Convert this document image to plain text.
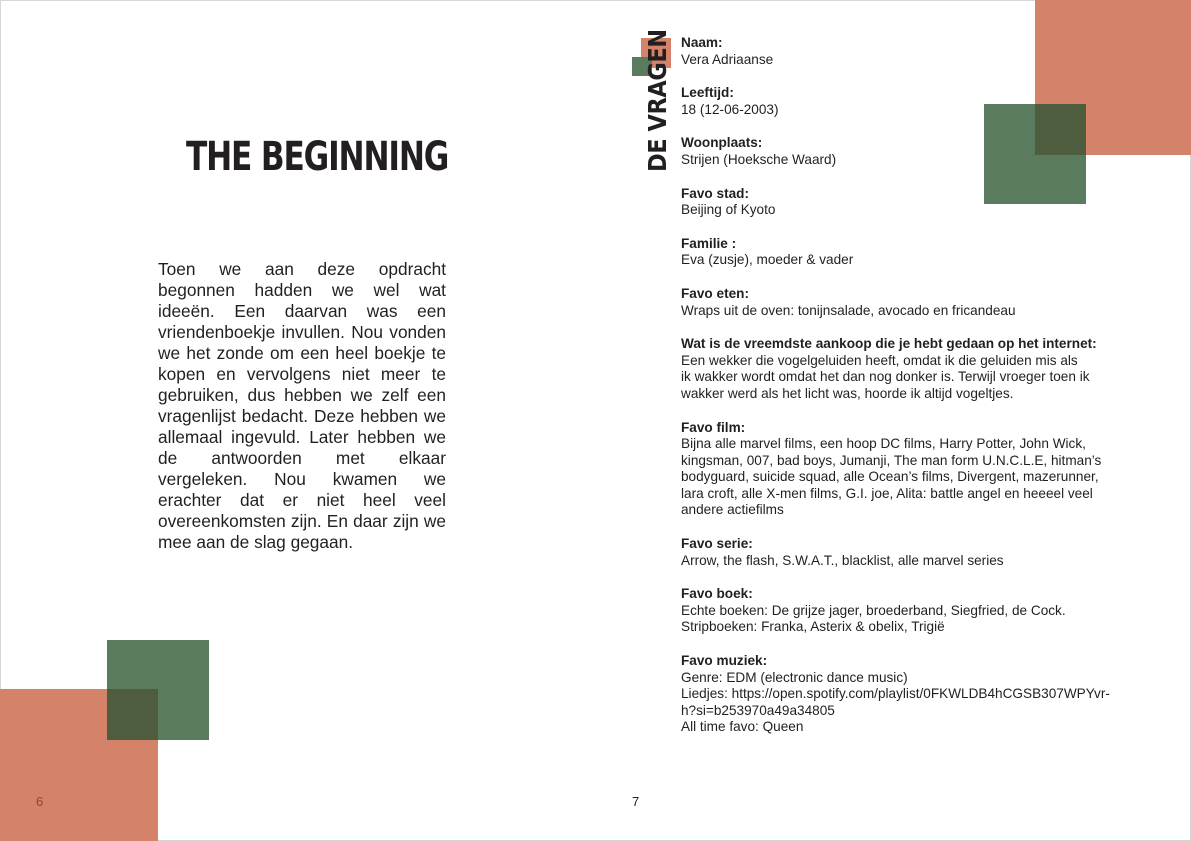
THE BEGINNING

Toen we aan deze opdracht begonnen hadden we wel wat ideeën. Een daarvan was een vriendenboekje invullen. Nou vonden we het zonde om een heel boekje te kopen en vervolgens niet meer te gebruiken, dus hebben we zelf een vragenlijst bedacht. Deze hebben we allemaal ingevuld. Later hebben we de antwoorden met elkaar vergeleken. Nou kwamen we erachter dat er niet heel veel overeenkomsten zijn. En daar zijn we mee aan de slag gegaan.

6
DE VRAGEN Naam:
Vera Adriaanse
Leeftijd:
18 (12-06-2003)
Woonplaats:
Strijen (Hoeksche Waard)
Favo stad:
Beijing of Kyoto
Familie :
Eva (zusje), moeder & vader
Favo eten:
Wraps uit de oven: tonijnsalade, avocado en fricandeau
Wat is de vreemdste aankoop die je hebt gedaan op het internet:
Een wekker die vogelgeluiden heeft, omdat ik die geluiden mis als
ik wakker wordt omdat het dan nog donker is. Terwijl vroeger toen ik
wakker werd als het licht was, hoorde ik altijd vogeltjes.
Favo film:
Bijna alle marvel films, een hoop DC films, Harry Potter, John Wick,
kingsman, 007, bad boys, Jumanji, The man form U.N.C.L.E, hitman’s
bodyguard, suicide squad, alle Ocean’s films, Divergent, mazerunner,
lara croft, alle X-men films, G.I. joe, Alita: battle angel en heeeel veel
andere actiefilms
Favo serie:
Arrow, the flash, S.W.A.T., blacklist, alle marvel series
Favo boek:
Echte boeken: De grijze jager, broederband, Siegfried, de Cock.
Stripboeken: Franka, Asterix & obelix, Trigië
Favo muziek:
Genre: EDM (electronic dance music)
Liedjes: https://open.spotify.com/playlist/0FKWLDB4hCGSB307WPYvr-
h?si=b253970a49a34805
All time favo: Queen
7
